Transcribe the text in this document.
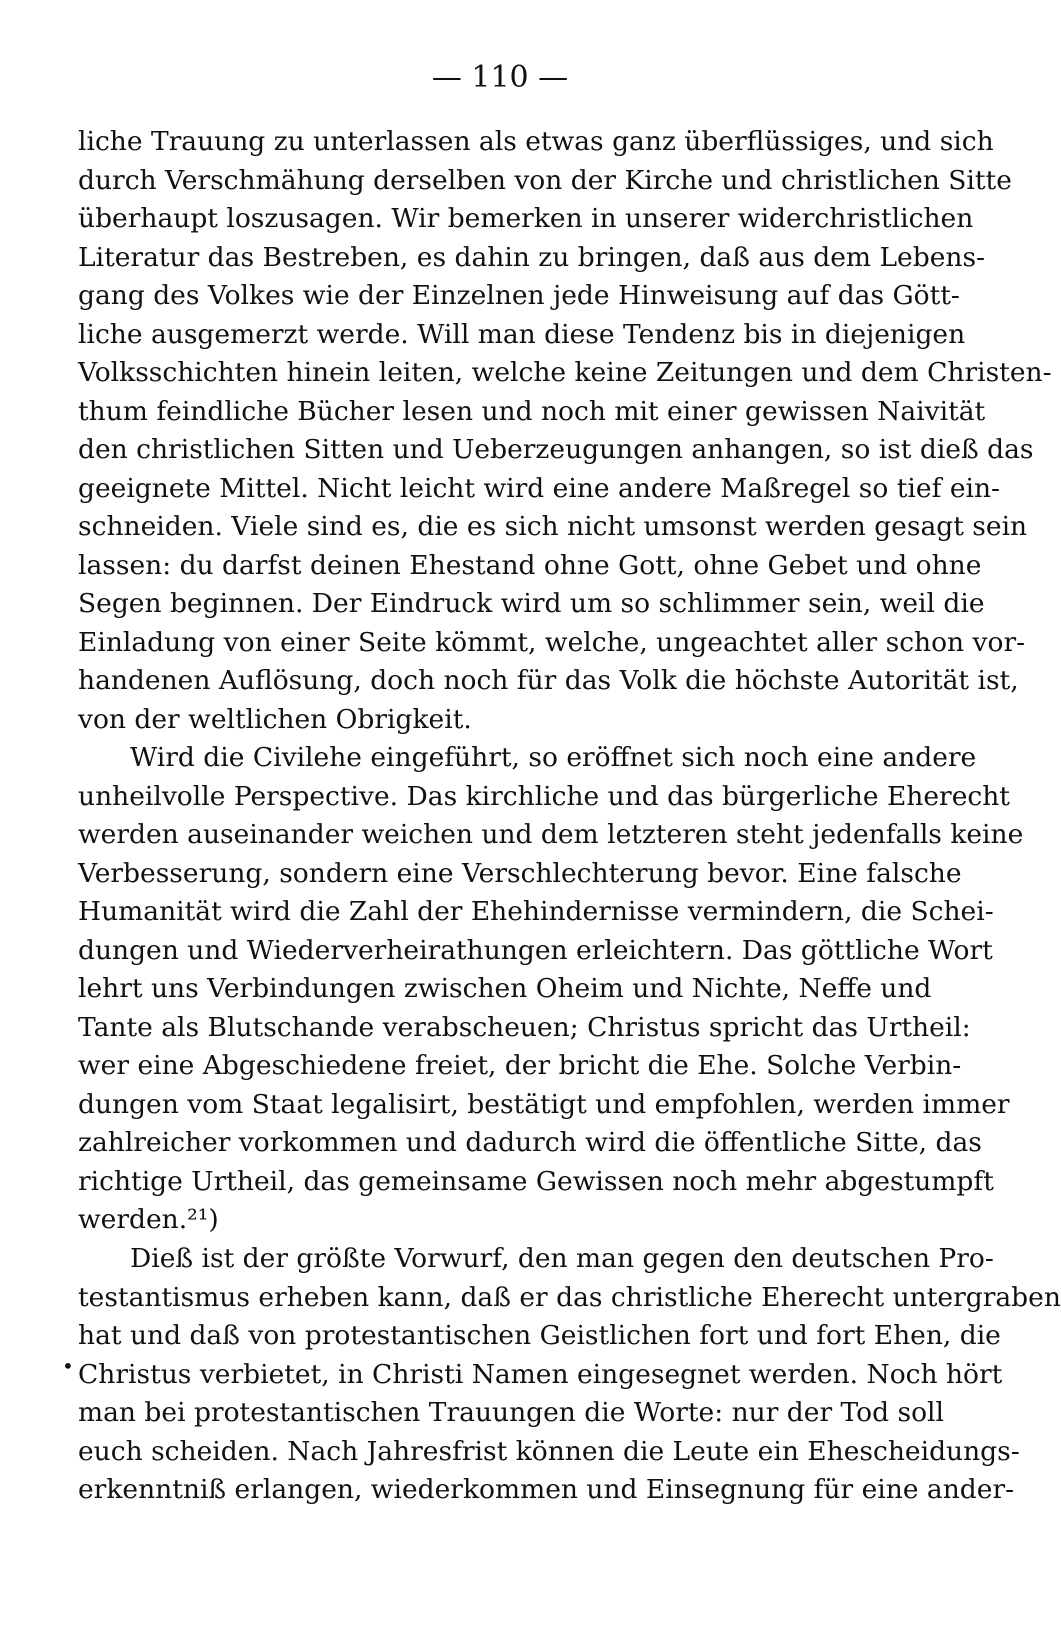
— 110 —
liche Trauung zu unterlassen als etwas ganz überflüssiges, und sich
durch Verschmähung derselben von der Kirche und christlichen Sitte
überhaupt loszusagen. Wir bemerken in unserer widerchristlichen
Literatur das Bestreben, es dahin zu bringen, daß aus dem Lebens-
gang des Volkes wie der Einzelnen jede Hinweisung auf das Gött-
liche ausgemerzt werde. Will man diese Tendenz bis in diejenigen
Volksschichten hinein leiten, welche keine Zeitungen und dem Christen-
thum feindliche Bücher lesen und noch mit einer gewissen Naivität
den christlichen Sitten und Ueberzeugungen anhangen, so ist dieß das
geeignete Mittel. Nicht leicht wird eine andere Maßregel so tief ein-
schneiden. Viele sind es, die es sich nicht umsonst werden gesagt sein
lassen: du darfst deinen Ehestand ohne Gott, ohne Gebet und ohne
Segen beginnen. Der Eindruck wird um so schlimmer sein, weil die
Einladung von einer Seite kömmt, welche, ungeachtet aller schon vor-
handenen Auflösung, doch noch für das Volk die höchste Autorität ist,
von der weltlichen Obrigkeit.
Wird die Civilehe eingeführt, so eröffnet sich noch eine andere
unheilvolle Perspective. Das kirchliche und das bürgerliche Eherecht
werden auseinander weichen und dem letzteren steht jedenfalls keine
Verbesserung, sondern eine Verschlechterung bevor. Eine falsche
Humanität wird die Zahl der Ehehindernisse vermindern, die Schei-
dungen und Wiederverheirathungen erleichtern. Das göttliche Wort
lehrt uns Verbindungen zwischen Oheim und Nichte, Neffe und
Tante als Blutschande verabscheuen; Christus spricht das Urtheil:
wer eine Abgeschiedene freiet, der bricht die Ehe. Solche Verbin-
dungen vom Staat legalisirt, bestätigt und empfohlen, werden immer
zahlreicher vorkommen und dadurch wird die öffentliche Sitte, das
richtige Urtheil, das gemeinsame Gewissen noch mehr abgestumpft
werden.²¹)
Dieß ist der größte Vorwurf, den man gegen den deutschen Pro-
testantismus erheben kann, daß er das christliche Eherecht untergraben
hat und daß von protestantischen Geistlichen fort und fort Ehen, die
Christus verbietet, in Christi Namen eingesegnet werden. Noch hört
man bei protestantischen Trauungen die Worte: nur der Tod soll
euch scheiden. Nach Jahresfrist können die Leute ein Ehescheidungs-
erkenntniß erlangen, wiederkommen und Einsegnung für eine ander-
•
